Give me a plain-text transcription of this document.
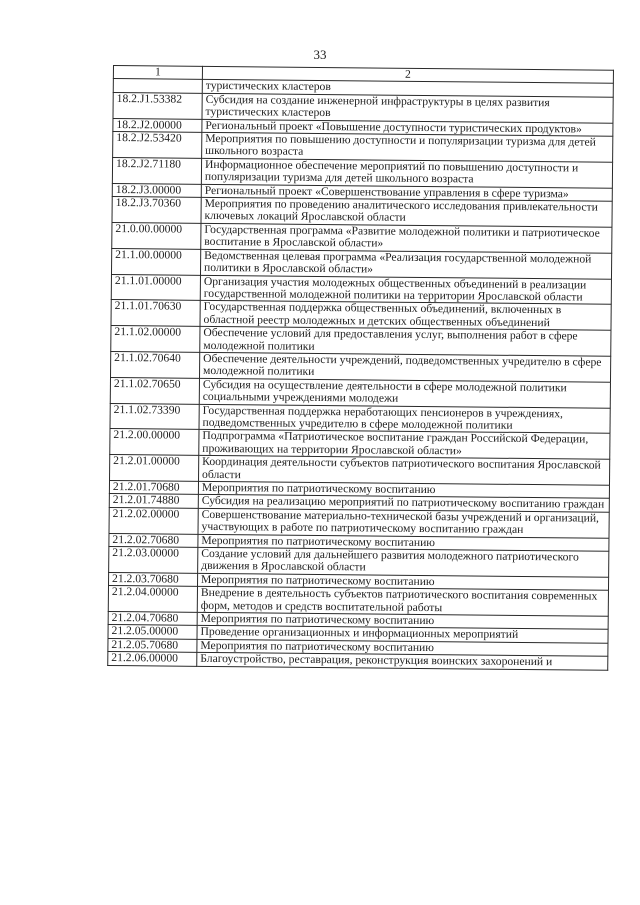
33
1	2
	туристических кластеров
18.2.J1.53382	Субсидия на создание инженерной инфраструктуры в целях развития туристических кластеров
18.2.J2.00000	Региональный проект «Повышение доступности туристических продуктов»
18.2.J2.53420	Мероприятия по повышению доступности и популяризации туризма для детей школьного возраста
18.2.J2.71180	Информационное обеспечение мероприятий по повышению доступности и популяризации туризма для детей школьного возраста
18.2.J3.00000	Региональный проект «Совершенствование управления в сфере туризма»
18.2.J3.70360	Мероприятия по проведению аналитического исследования привлекательности ключевых локаций Ярославской области
21.0.00.00000	Государственная программа «Развитие молодежной политики и патриотическое воспитание в Ярославской области»
21.1.00.00000	Ведомственная целевая программа «Реализация государственной молодежной политики в Ярославской области»
21.1.01.00000	Организация участия молодежных общественных объединений в реализации государственной молодежной политики на территории Ярославской области
21.1.01.70630	Государственная поддержка общественных объединений, включенных в областной реестр молодежных и детских общественных объединений
21.1.02.00000	Обеспечение условий для предоставления услуг, выполнения работ в сфере молодежной политики
21.1.02.70640	Обеспечение деятельности учреждений, подведомственных учредителю в сфере молодежной политики
21.1.02.70650	Субсидия на осуществление деятельности в сфере молодежной политики социальными учреждениями молодежи
21.1.02.73390	Государственная поддержка неработающих пенсионеров в учреждениях, подведомственных учредителю в сфере молодежной политики
21.2.00.00000	Подпрограмма «Патриотическое воспитание граждан Российской Федерации, проживающих на территории Ярославской области»
21.2.01.00000	Координация деятельности субъектов патриотического воспитания Ярославской области
21.2.01.70680	Мероприятия по патриотическому воспитанию
21.2.01.74880	Субсидия на реализацию мероприятий по патриотическому воспитанию граждан
21.2.02.00000	Совершенствование материально-технической базы учреждений и организаций, участвующих в работе по патриотическому воспитанию граждан
21.2.02.70680	Мероприятия по патриотическому воспитанию
21.2.03.00000	Создание условий для дальнейшего развития молодежного патриотического движения в Ярославской области
21.2.03.70680	Мероприятия по патриотическому воспитанию
21.2.04.00000	Внедрение в деятельность субъектов патриотического воспитания современных форм, методов и средств воспитательной работы
21.2.04.70680	Мероприятия по патриотическому воспитанию
21.2.05.00000	Проведение организационных и информационных мероприятий
21.2.05.70680	Мероприятия по патриотическому воспитанию
21.2.06.00000	Благоустройство, реставрация, реконструкция воинских захоронений и
